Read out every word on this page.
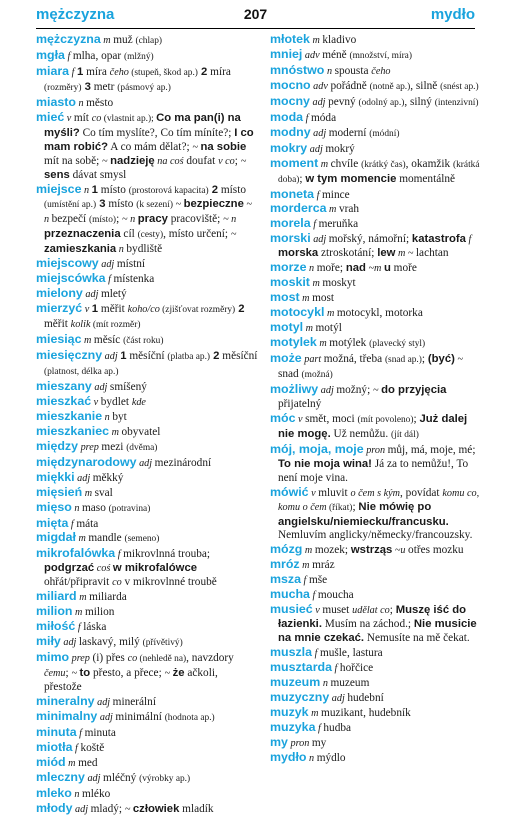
mężczyzna	207	mydło

mężczyzna m muž (chlap)

mgła f mlha, opar (mlžný)

miara f 1 míra čeho (stupeň, škod ap.) 2 míra (rozměry) 3 metr (pásmový ap.)

miasto n město

mieć v mít co (vlastnit ap.); Co ma pan(i) na myśli? Co tím myslíte?, Co tím míníte?; I co mam robić? A co mám dělat?; ~ na sobie mít na sobě; ~ nadzieję na coś doufat v co; ~ sens dávat smysl

miejsce n 1 místo (prostorová kapacita) 2 místo (umístění ap.) 3 místo (k sezení) ~ bezpieczne ~ n bezpečí (místo); ~ n pracy pracoviště; ~ n przeznaczenia cíl (cesty), místo určení; ~ zamieszkania n bydliště

miejscowy adj místní

miejscówka f místenka

mielony adj mletý

mierzyć v 1 měřit koho/co (zjišťovat rozměry) 2 měřit kolik (mít rozměr)

miesiąc m měsíc (část roku)

miesięczny adj 1 měsíční (platba ap.) 2 měsíční (platnost, délka ap.)

mieszany adj smíšený

mieszkać v bydlet kde

mieszkanie n byt

mieszkaniec m obyvatel

między prep mezi (dvěma)

międzynarodowy adj mezinárodní

miękki adj měkký

mięsień m sval

mięso n maso (potravina)

mięta f máta

migdał m mandle (semeno)

mikrofalówka f mikrovlnná trouba; podgrzać coś w mikrofalówce ohřát/připravit co v mikrovlnné troubě

miliard m miliarda

milion m milion

miłość f láska

miły adj laskavý, milý (přívětivý)

mimo prep (i) přes co (nehledě na), navzdory čemu; ~ to přesto, a přece; ~ że ačkoli, přestože

mineralny adj minerální

minimalny adj minimální (hodnota ap.)

minuta f minuta

miotła f koště

miód m med

mleczny adj mléčný (výrobky ap.)

mleko n mléko

młody adj mladý; ~ człowiek mladík

młotek m kladivo

mniej adv méně (množství, míra)

mnóstwo n spousta čeho

mocno adv pořádně (notně ap.), silně (snést ap.)

mocny adj pevný (odolný ap.), silný (intenzivní)

moda f móda

modny adj moderní (módní)

mokry adj mokrý

moment m chvíle (krátký čas), okamžik (krátká doba); w tym momencie momentálně

moneta f mince

morderca m vrah

morela f meruňka

morski adj mořský, námořní; katastrofa f morska ztroskotání; lew m ~ lachtan

morze n moře; nad ~m u moře

moskit m moskyt

most m most

motocykl m motocykl, motorka

motyl m motýl

motylek m motýlek (plavecký styl)

może part možná, třeba (snad ap.); (być) ~ snad (možná)

możliwy adj možný; ~ do przyjęcia přijatelný

móc v smět, moci (mít povoleno); Już dalej nie mogę. Už nemůžu. (jít dál)

mój, moja, moje pron můj, má, moje, mé; To nie moja wina! Já za to nemůžu!, To není moje vina.

mówić v mluvit o čem s kým, povídat komu co, komu o čem (říkat); Nie mówię po angielsku/niemiecku/francusku. Nemluvím anglicky/německy/francouzsky.

mózg m mozek; wstrząs ~u otřes mozku

mróz m mráz

msza f mše

mucha f moucha

musieć v muset udělat co; Muszę iść do łazienki. Musím na záchod.; Nie musicie na mnie czekać. Nemusíte na mě čekat.

muszla f mušle, lastura

musztarda f hořčice

muzeum n muzeum

muzyczny adj hudební

muzyk m muzikant, hudebník

muzyka f hudba

my pron my

mydło n mýdlo
